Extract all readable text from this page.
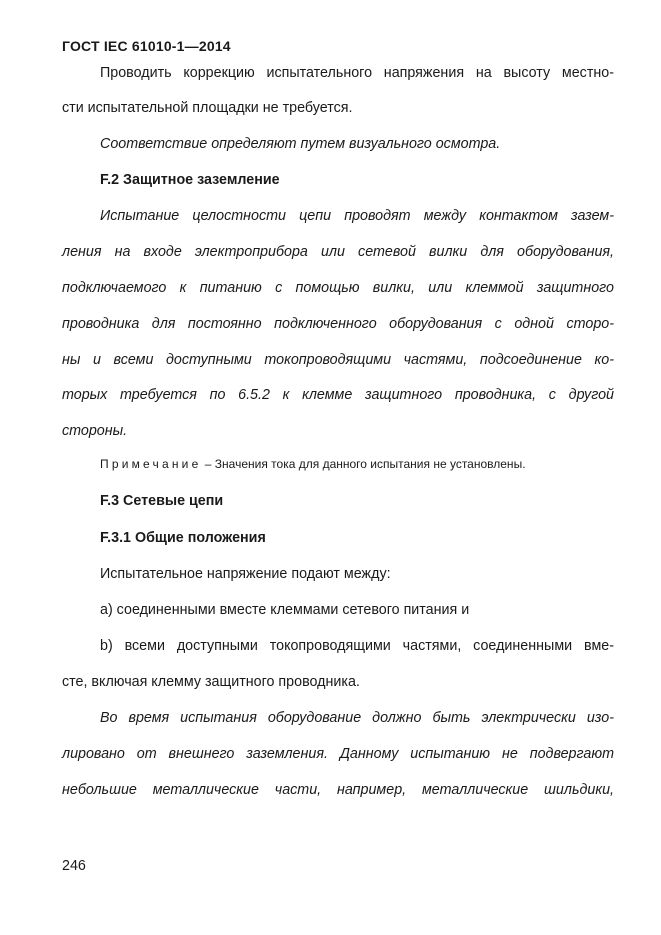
ГОСТ IEC 61010-1—2014
Проводить коррекцию испытательного напряжения на высоту местно-
сти испытательной площадки не требуется.
Соответствие определяют путем визуального осмотра.
F.2 Защитное заземление
Испытание целостности цепи проводят между контактом зазем-
ления на входе электроприбора или сетевой вилки для оборудования,
подключаемого к питанию с помощью вилки, или клеммой защитного
проводника для постоянно подключенного оборудования с одной сторо-
ны и всеми доступными токопроводящими частями, подсоединение ко-
торых требуется по 6.5.2 к клемме защитного проводника, с другой
стороны.
Примечание – Значения тока для данного испытания не установлены.
F.3 Сетевые цепи
F.3.1 Общие положения
Испытательное напряжение подают между:
а) соединенными вместе клеммами сетевого питания и
b) всеми доступными токопроводящими частями, соединенными вме-
сте, включая клемму защитного проводника.
Во время испытания оборудование должно быть электрически изо-
лировано от внешнего заземления. Данному испытанию не подвергают
небольшие металлические части, например, металлические шильдики,
246
